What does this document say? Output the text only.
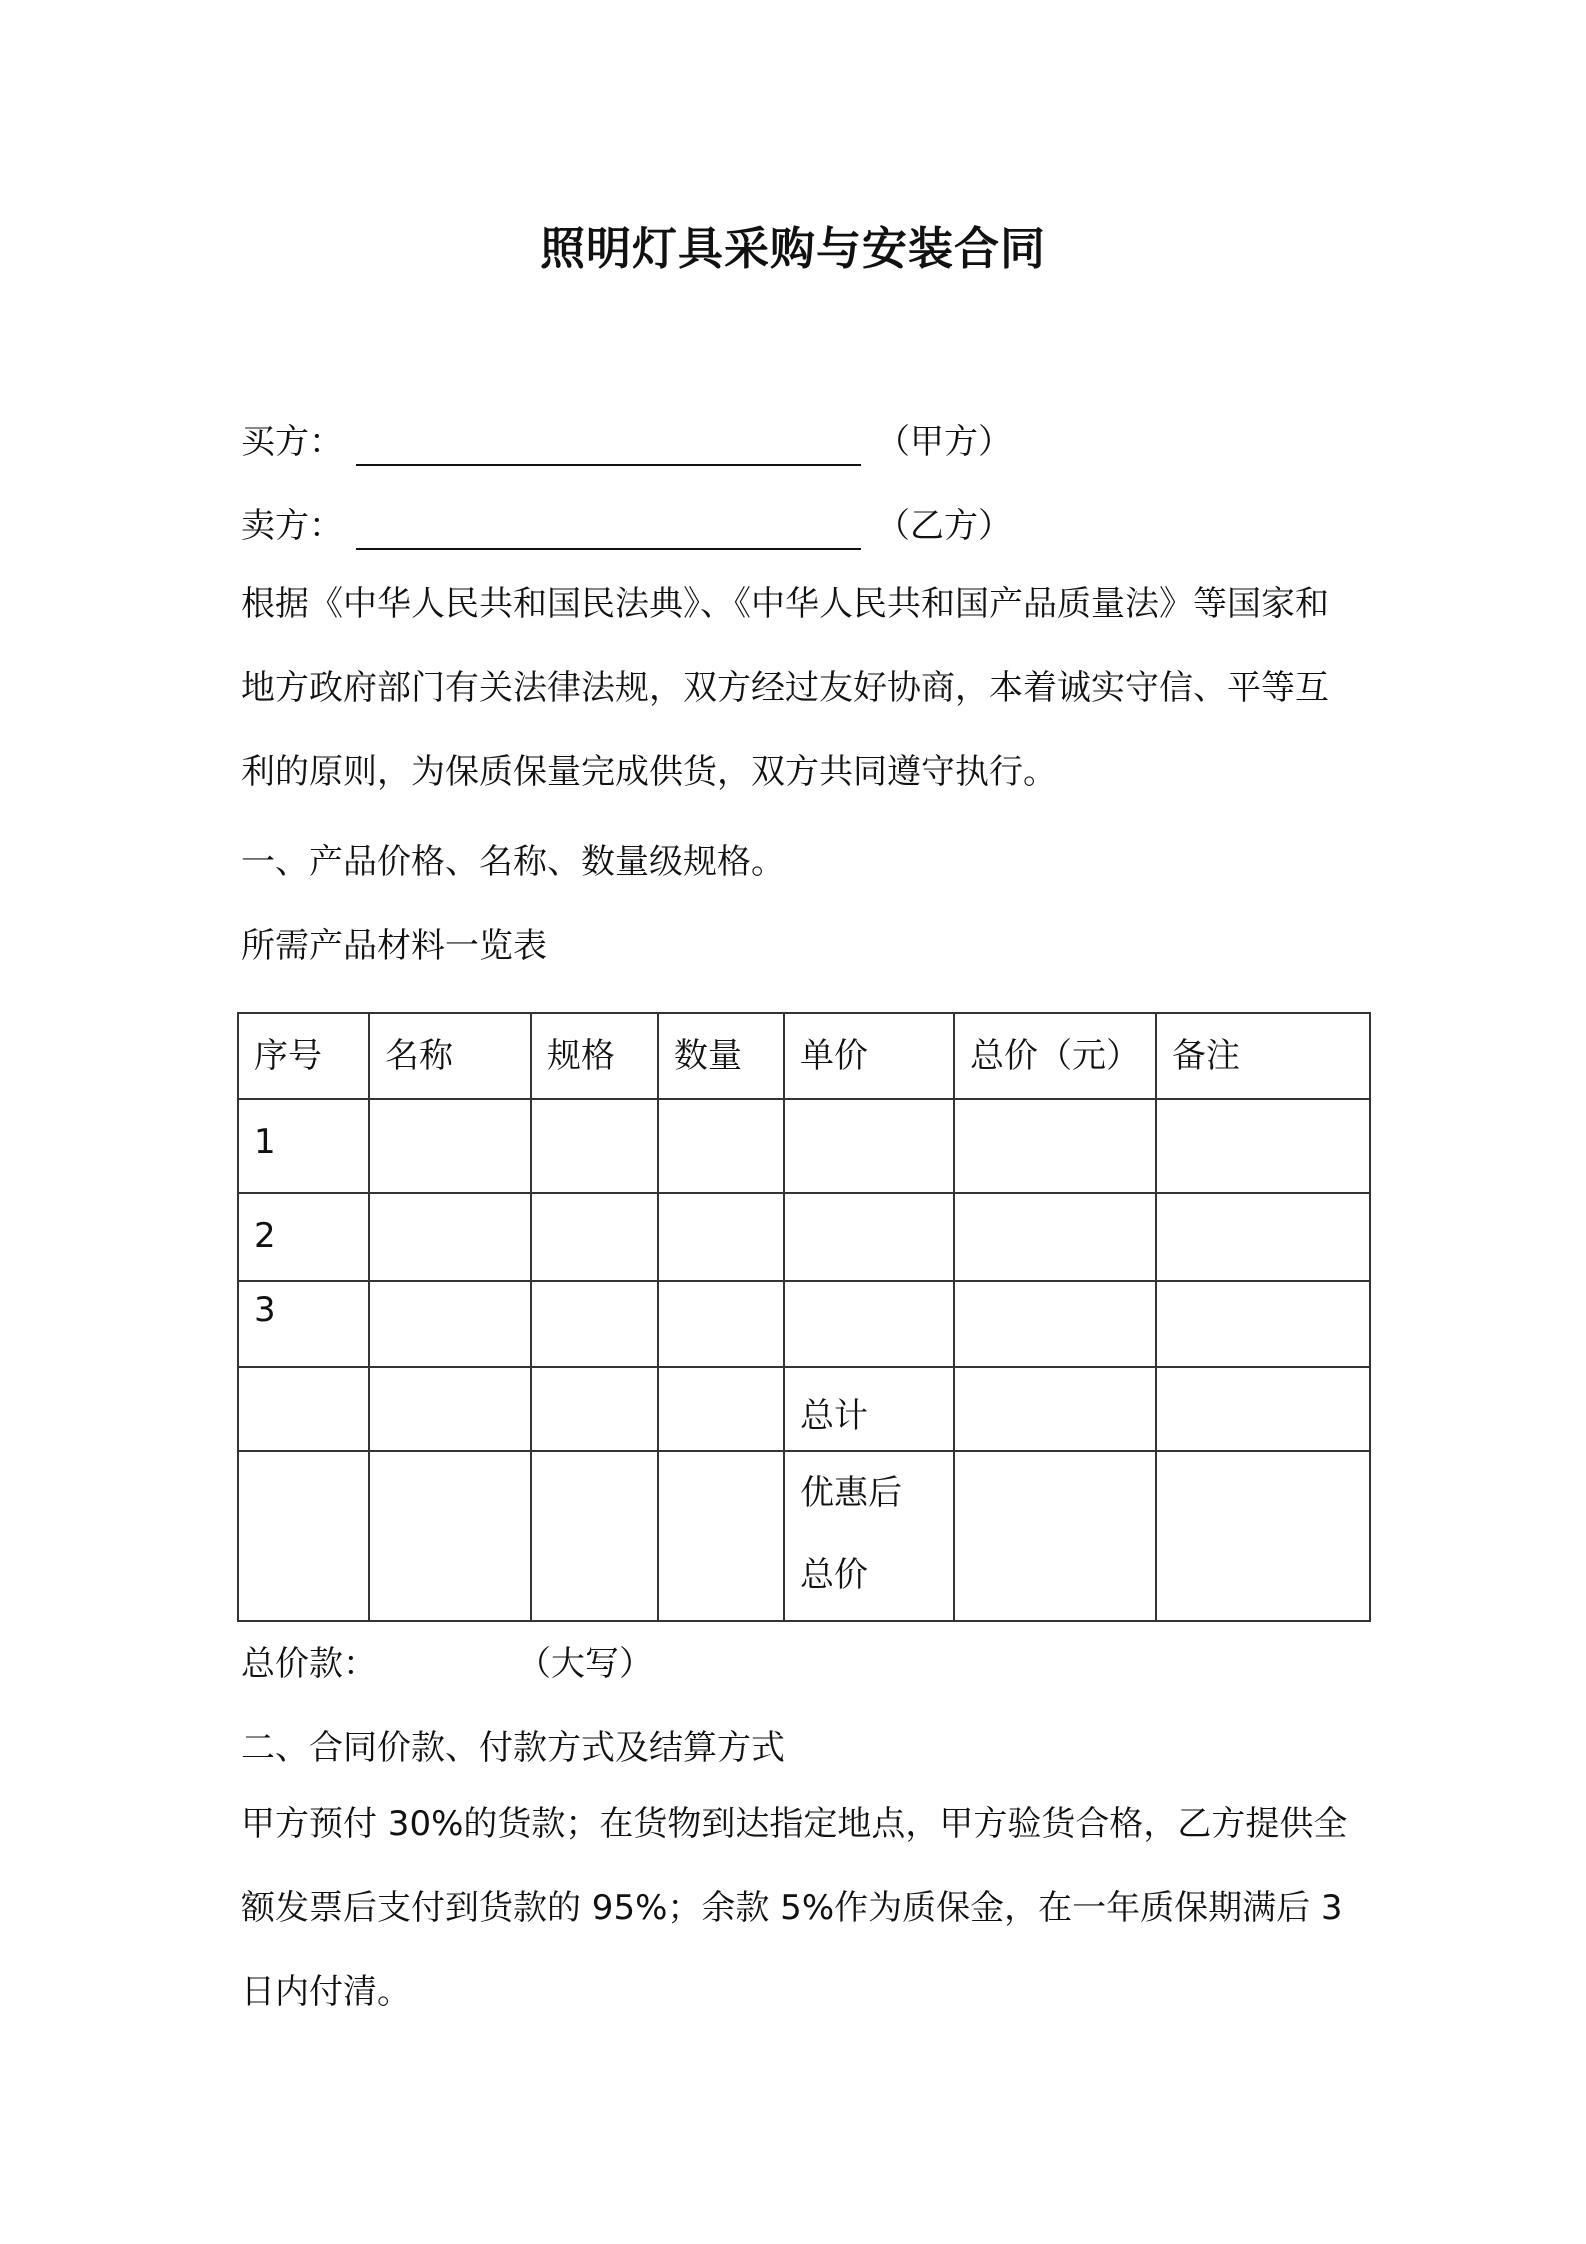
照明灯具采购与安装合同
买方：	（甲方）
卖方：	（乙方）
根据《中华人民共和国民法典》、《中华人民共和国产品质量法》等国家和地方政府部门有关法律法规，双方经过友好协商，本着诚实守信、平等互利的原则，为保质保量完成供货，双方共同遵守执行。
一、产品价格、名称、数量级规格。
所需产品材料一览表
序号	名称	规格	数量	单价	总价（元）	备注
1						
2						
3						
				总计		

				优惠后
总价		

总价款：	（大写）
二、合同价款、付款方式及结算方式
甲方预付 30%的货款；在货物到达指定地点，甲方验货合格，乙方提供全额发票后支付到货款的 95%；余款 5%作为质保金，在一年质保期满后 3 日内付清。
